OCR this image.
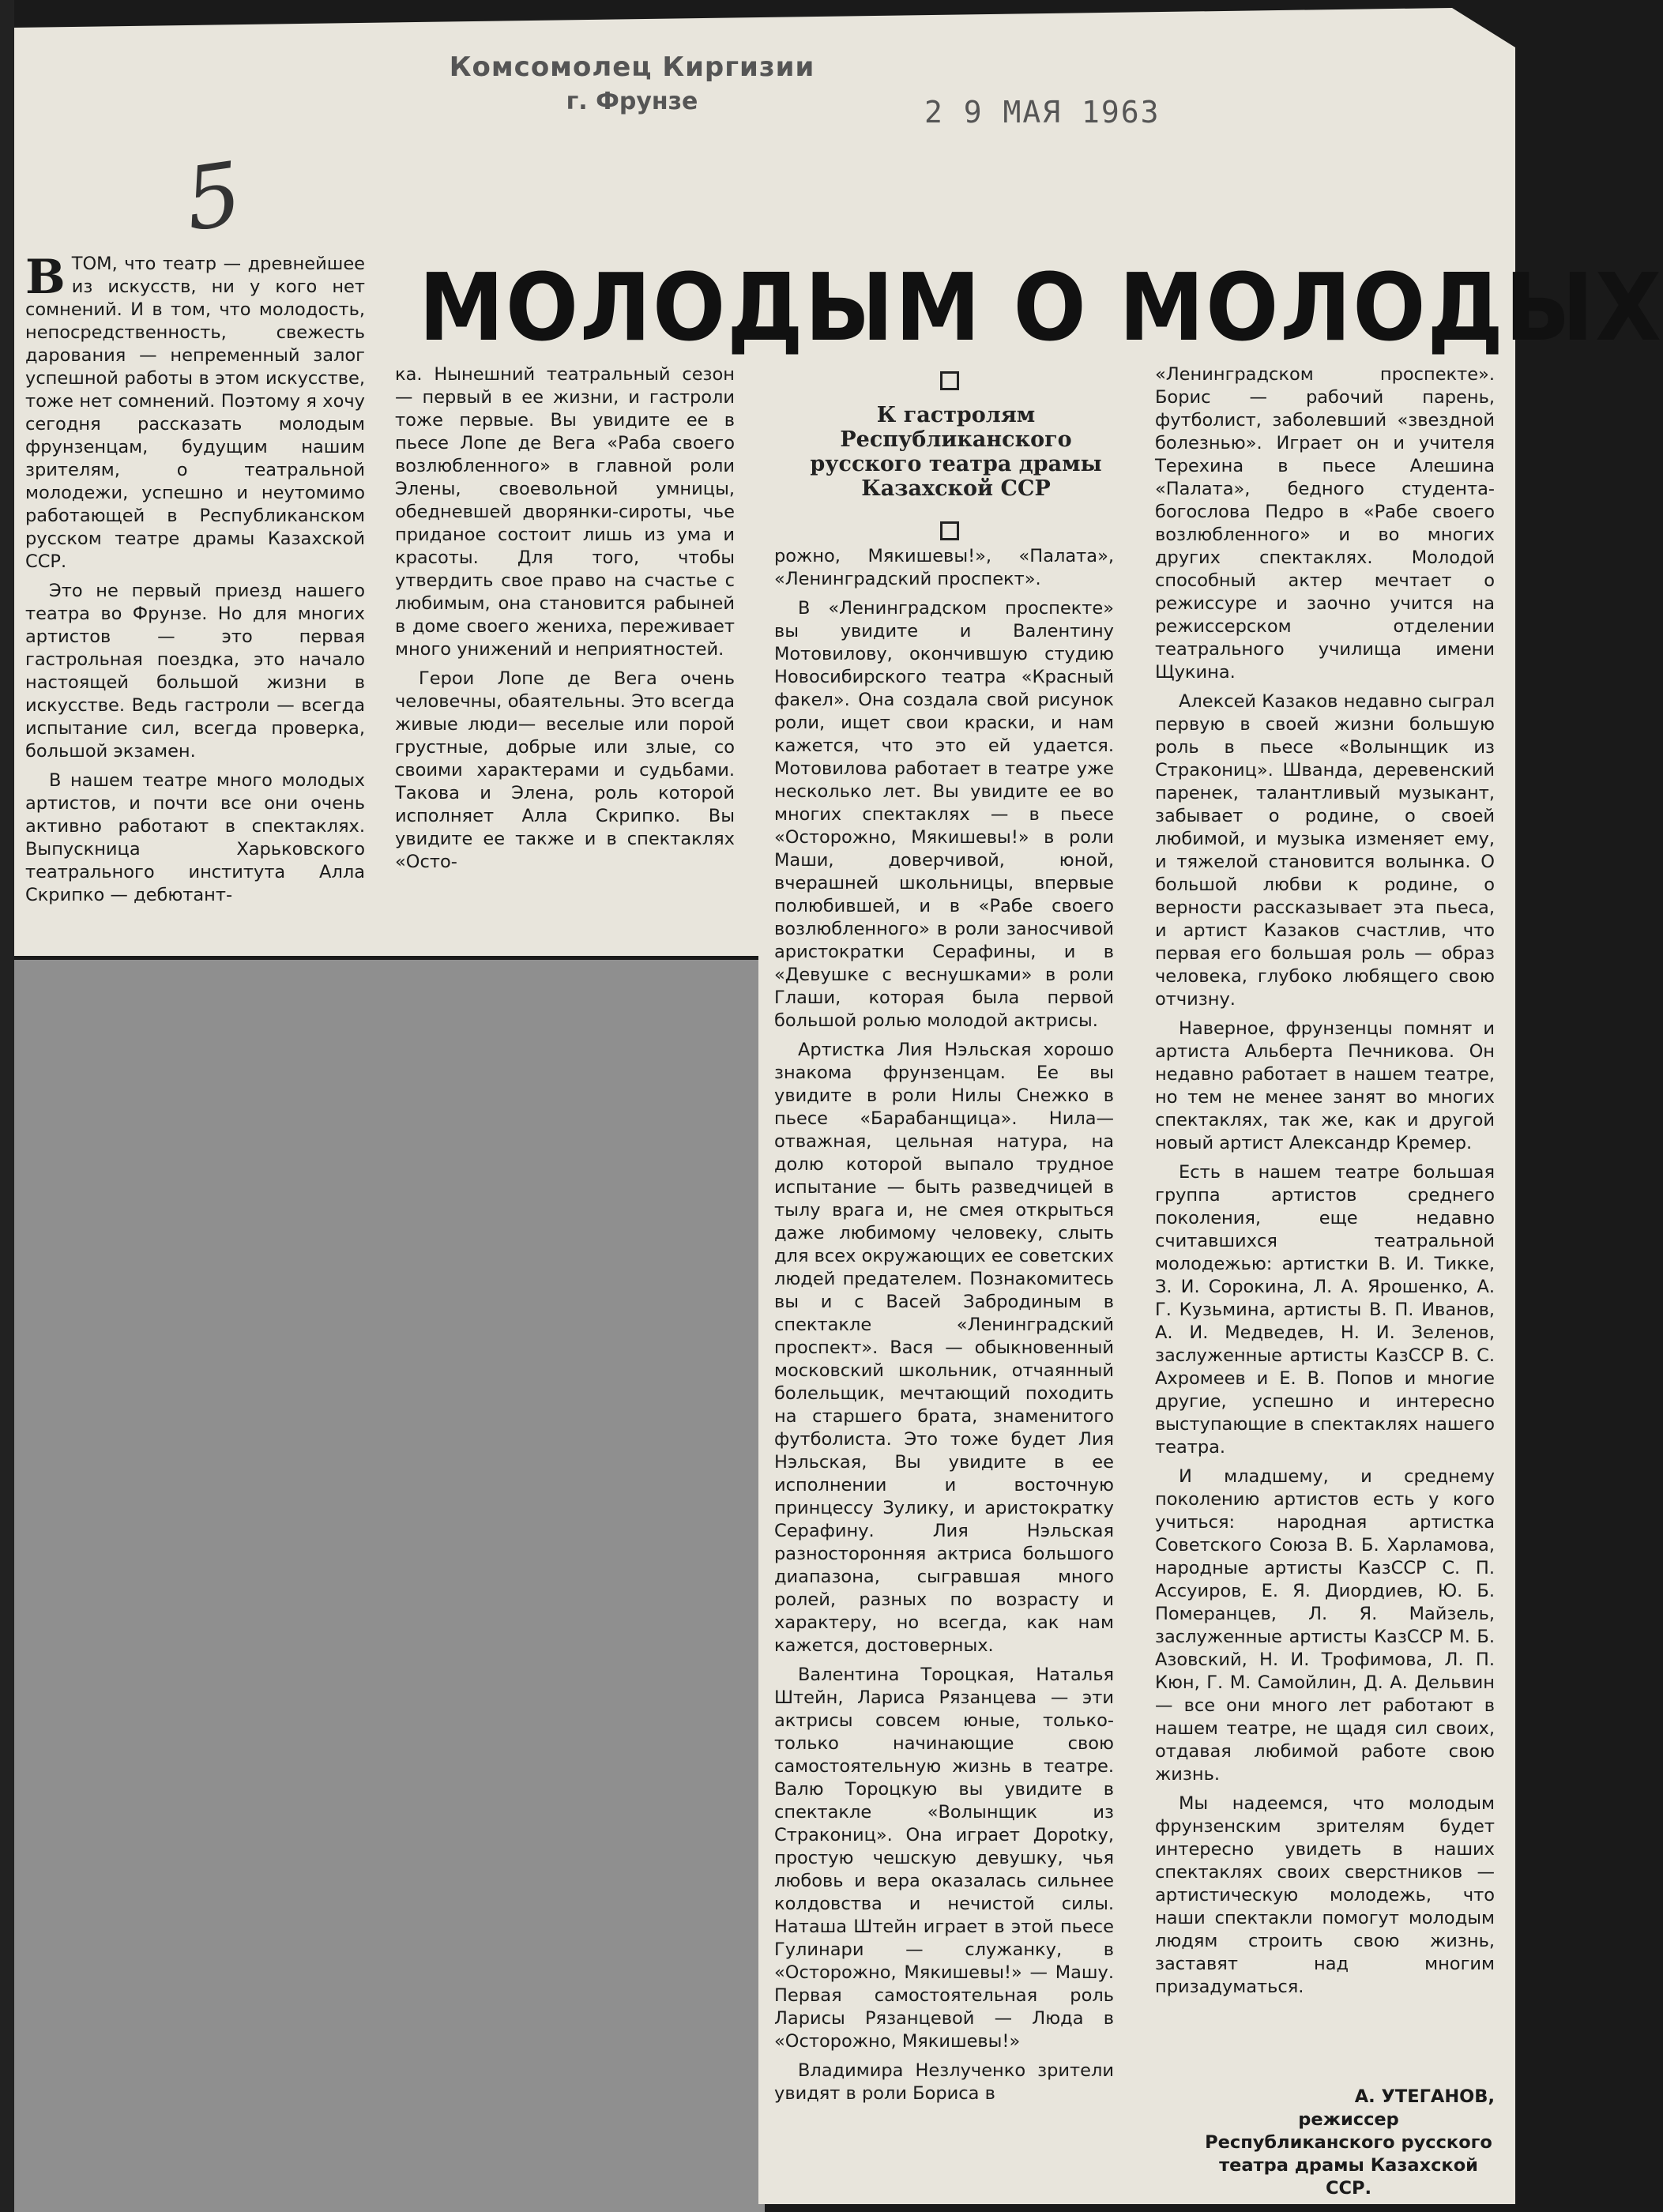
Комсомолец Киргизии
г. Фрунзе	2 9 МАЯ 1963
5
МОЛОДЫМ О МОЛОДЫХ
К гастролям Республиканского русского театра драмы Казахской ССР

ВТОМ, что театр — древнейшее из искусств, ни у кого нет сомнений. И в том, что молодость, непосредственность, свежесть дарования — непременный залог успешной работы в этом искусстве, тоже нет сомнений. Поэтому я хочу сегодня рассказать молодым фрунзенцам, будущим нашим зрителям, о театральной молодежи, успешно и неутомимо работающей в Республиканском русском театре драмы Казахской ССР.

Это не первый приезд нашего театра во Фрунзе. Но для многих артистов — это первая гастрольная поездка, это начало настоящей большой жизни в искусстве. Ведь гастроли — всегда испытание сил, всегда проверка, большой экзамен.

В нашем театре много молодых артистов, и почти все они очень активно работают в спектаклях. Выпускница Харьковского театрального института Алла Скрипко — дебютант-

ка. Нынешний театральный сезон — первый в ее жизни, и гастроли тоже первые. Вы увидите ее в пьесе Лопе де Вега «Раба своего возлюбленного» в главной роли Элены, своевольной умницы, обедневшей дворянки-сироты, чье приданое состоит лишь из ума и красоты. Для того, чтобы утвердить свое право на счастье с любимым, она становится рабыней в доме своего жениха, переживает много унижений и неприятностей.

Герои Лопе де Вега очень человечны, обаятельны. Это всегда живые люди— веселые или порой грустные, добрые или злые, со своими характерами и судьбами. Такова и Элена, роль которой исполняет Алла Скрипко. Вы увидите ее также и в спектаклях «Осто-

рожно, Мякишевы!», «Палата», «Ленинградский проспект».

В «Ленинградском проспекте» вы увидите и Валентину Мотовилову, окончившую студию Новосибирского театра «Красный факел». Она создала свой рисунок роли, ищет свои краски, и нам кажется, что это ей удается. Мотовилова работает в театре уже несколько лет. Вы увидите ее во многих спектаклях — в пьесе «Осторожно, Мякишевы!» в роли Маши, доверчивой, юной, вчерашней школьницы, впервые полюбившей, и в «Рабе своего возлюбленного» в роли заносчивой аристократки Серафины, и в «Девушке с веснушками» в роли Глаши, которая была первой большой ролью молодой актрисы.

Артистка Лия Нэльская хорошо знакома фрунзенцам. Ее вы увидите в роли Нилы Снежко в пьесе «Барабанщица». Нила— отважная, цельная натура, на долю которой выпало трудное испытание — быть разведчицей в тылу врага и, не смея открыться даже любимому человеку, слыть для всех окружающих ее советских людей предателем. Познакомитесь вы и с Васей Забродиным в спектакле «Ленинградский проспект». Вася — обыкновенный московский школьник, отчаянный болельщик, мечтающий походить на старшего брата, знаменитого футболиста. Это тоже будет Лия Нэльская, Вы увидите в ее исполнении и восточную принцессу Зулику, и аристократку Серафину. Лия Нэльская разносторонняя актриса большого диапазона, сыгравшая много ролей, разных по возрасту и характеру, но всегда, как нам кажется, достоверных.

Валентина Тороцкая, Наталья Штейн, Лариса Рязанцева — эти актрисы совсем юные, только-только начинающие свою самостоятельную жизнь в театре. Валю Тороцкую вы увидите в спектакле «Волынщик из Стракониц». Она играет Дорotку, простую чешскую девушку, чья любовь и вера оказалась сильнее колдовства и нечистой силы. Наташа Штейн играет в этой пьесе Гулинари — служанку, в «Осторожно, Мякишевы!» — Машу. Первая самостоятельная роль Ларисы Рязанцевой — Люда в «Осторожно, Мякишевы!»

Владимира Незлученко зрители увидят в роли Бориса в

«Ленинградском проспекте». Борис — рабочий парень, футболист, заболевший «звездной болезнью». Играет он и учителя Терехина в пьесе Алешина «Палата», бедного студента-богослова Педро в «Рабе своего возлюбленного» и во многих других спектаклях. Молодой способный актер мечтает о режиссуре и заочно учится на режиссерском отделении театрального училища имени Щукина.

Алексей Казаков недавно сыграл первую в своей жизни большую роль в пьесе «Волынщик из Стракониц». Шванда, деревенский паренек, талантливый музыкант, забывает о родине, о своей любимой, и музыка изменяет ему, и тяжелой становится волынка. О большой любви к родине, о верности рассказывает эта пьеса, и артист Казаков счастлив, что первая его большая роль — образ человека, глубоко любящего свою отчизну.

Наверное, фрунзенцы помнят и артиста Альберта Печникова. Он недавно работает в нашем театре, но тем не менее занят во многих спектаклях, так же, как и другой новый артист Александр Кремер.

Есть в нашем театре большая группа артистов среднего поколения, еще недавно считавшихся театральной молодежью: артистки В. И. Тикке, З. И. Сорокина, Л. А. Ярошенко, А. Г. Кузьмина, артисты В. П. Иванов, А. И. Медведев, Н. И. Зеленов, заслуженные артисты КазССР В. С. Ахромеев и Е. В. Попов и многие другие, успешно и интересно выступающие в спектаклях нашего театра.

И младшему, и среднему поколению артистов есть у кого учиться: народная артистка Советского Союза В. Б. Харламова, народные артисты КазССР С. П. Ассуиров, Е. Я. Диордиев, Ю. Б. Померанцев, Л. Я. Майзель, заслуженные артисты КазССР М. Б. Азовский, Н. И. Трофимова, Л. П. Кюн, Г. М. Самойлин, Д. А. Дельвин — все они много лет работают в нашем театре, не щадя сил своих, отдавая любимой работе свою жизнь.

Мы надеемся, что молодым фрунзенским зрителям будет интересно увидеть в наших спектаклях своих сверстников — артистическую молодежь, что наши спектакли помогут молодым людям строить свою жизнь, заставят над многим призадуматься.

А. УТЕГАНОВ,
режиссер Республиканского русского театра драмы Казахской ССР.
